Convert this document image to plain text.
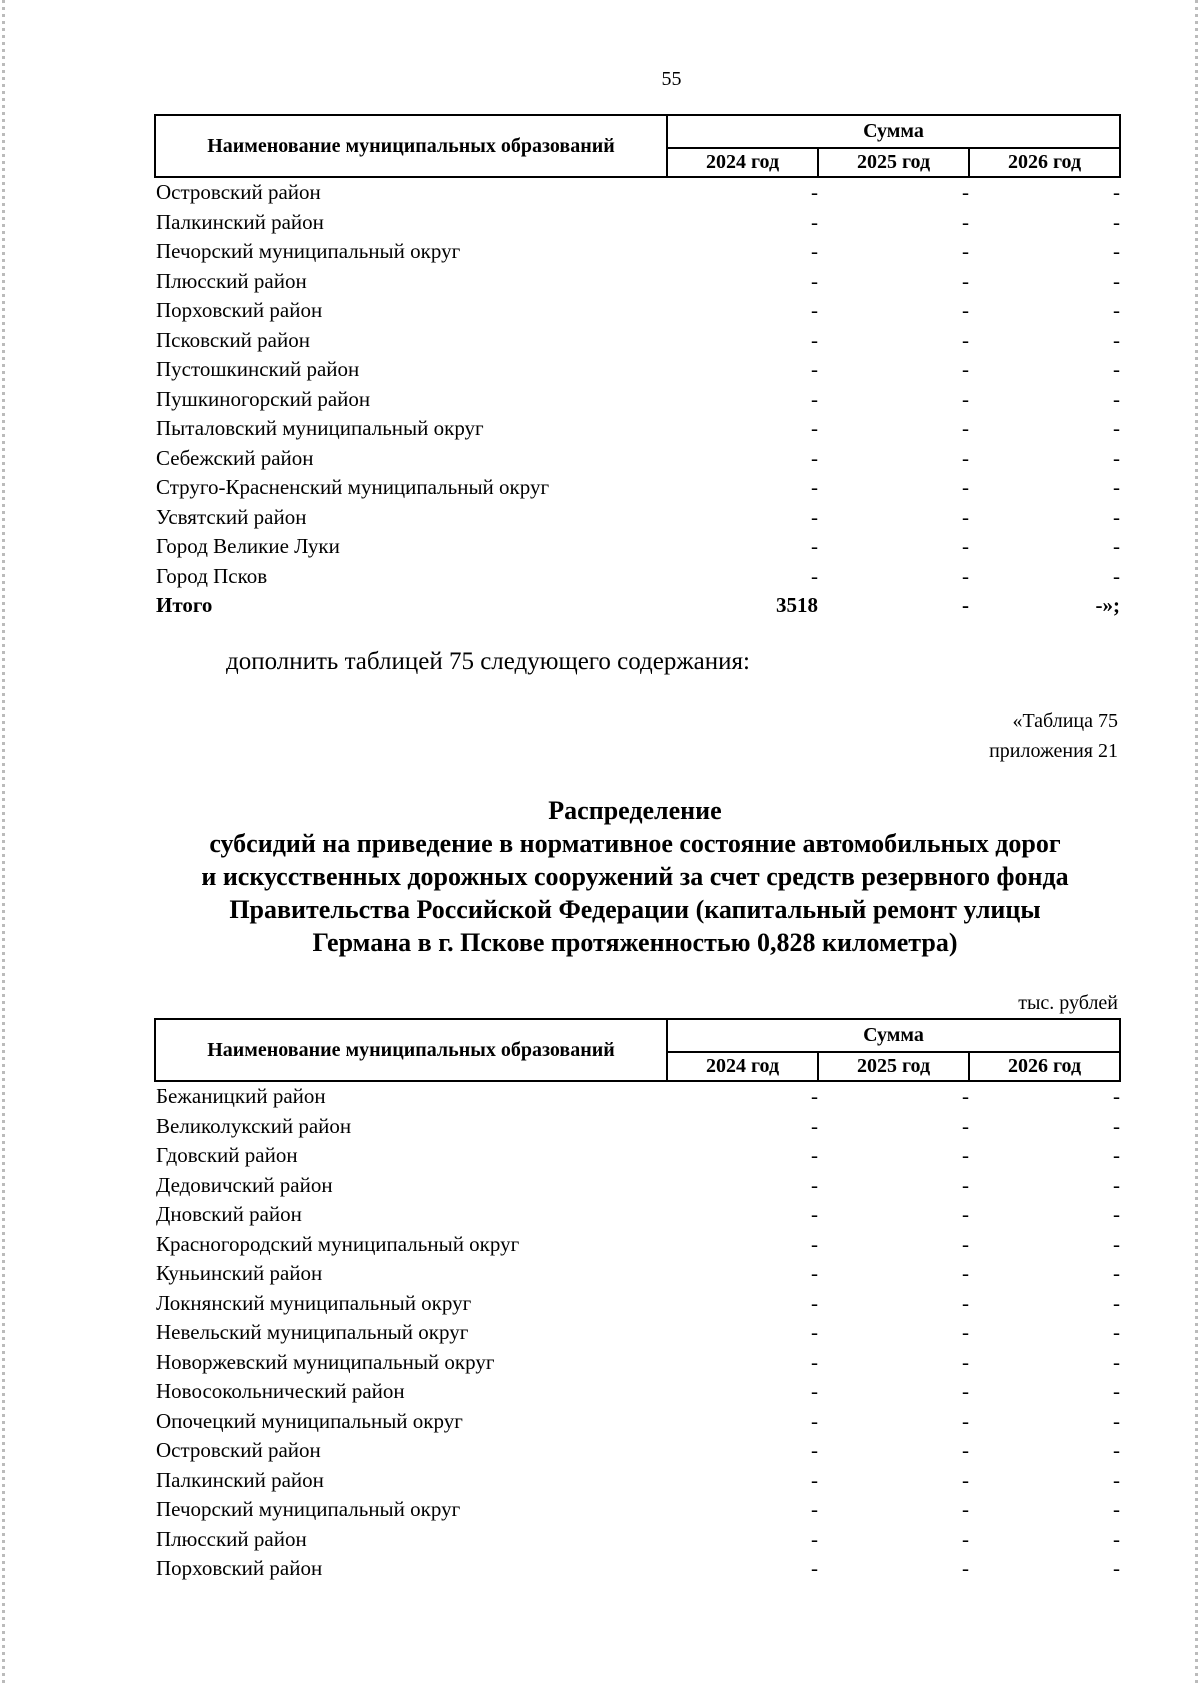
55
Наименование муниципальных образований	Сумма		
	2024 год	2025 год	2026 год
Островский район	-	-	-
Палкинский район	-	-	-
Печорский муниципальный округ	-	-	-
Плюсский район	-	-	-
Порховский район	-	-	-
Псковский район	-	-	-
Пустошкинский район	-	-	-
Пушкиногорский район	-	-	-
Пыталовский муниципальный округ	-	-	-
Себежский район	-	-	-
Струго-Красненский муниципальный округ	-	-	-
Усвятский район	-	-	-
Город Великие Луки	-	-	-
Город Псков	-	-	-
Итого	3518	-	-»;
дополнить таблицей 75 следующего содержания:
«Таблица 75
приложения 21
Распределение
субсидий на приведение в нормативное состояние автомобильных дорог
и искусственных дорожных сооружений за счет средств резервного фонда
Правительства Российской Федерации (капитальный ремонт улицы
Германа в г. Пскове протяженностью 0,828 километра)
тыс. рублей
Наименование муниципальных образований	Сумма		
	2024 год	2025 год	2026 год
Бежаницкий район	-	-	-
Великолукский район	-	-	-
Гдовский район	-	-	-
Дедовичский район	-	-	-
Дновский район	-	-	-
Красногородский муниципальный округ	-	-	-
Куньинский район	-	-	-
Локнянский муниципальный округ	-	-	-
Невельский муниципальный округ	-	-	-
Новоржевский муниципальный округ	-	-	-
Новосокольнический район	-	-	-
Опочецкий муниципальный округ	-	-	-
Островский район	-	-	-
Палкинский район	-	-	-
Печорский муниципальный округ	-	-	-
Плюсский район	-	-	-
Порховский район	-	-	-
